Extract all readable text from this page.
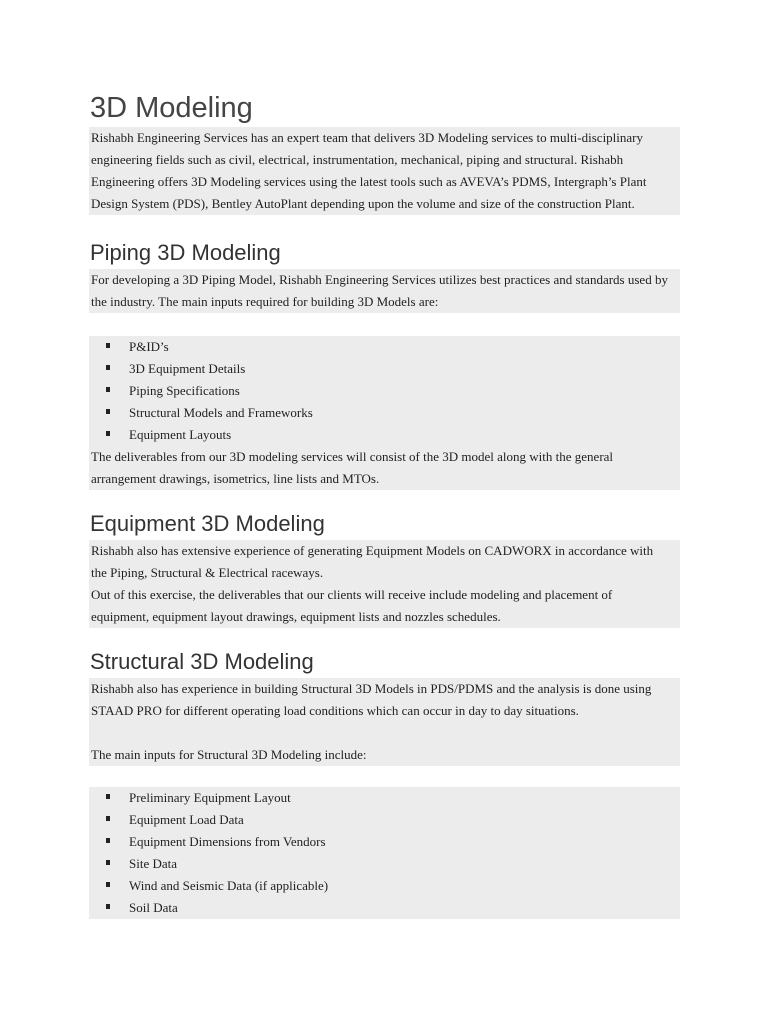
3D Modeling

Rishabh Engineering Services has an expert team that delivers 3D Modeling services to multi-disciplinary

engineering fields such as civil, electrical, instrumentation, mechanical, piping and structural. Rishabh

Engineering offers 3D Modeling services using the latest tools such as AVEVA’s PDMS, Intergraph’s Plant

Design System (PDS), Bentley AutoPlant depending upon the volume and size of the construction Plant.

Piping 3D Modeling

For developing a 3D Piping Model, Rishabh Engineering Services utilizes best practices and standards used by

the industry. The main inputs required for building 3D Models are:

P&ID’s
3D Equipment Details
Piping Specifications
Structural Models and Frameworks
Equipment Layouts

The deliverables from our 3D modeling services will consist of the 3D model along with the general

arrangement drawings, isometrics, line lists and MTOs.

Equipment 3D Modeling

Rishabh also has extensive experience of generating Equipment Models on CADWORX in accordance with

the Piping, Structural & Electrical raceways.

Out of this exercise, the deliverables that our clients will receive include modeling and placement of

equipment, equipment layout drawings, equipment lists and nozzles schedules.

Structural 3D Modeling

Rishabh also has experience in building Structural 3D Models in PDS/PDMS and the analysis is done using

STAAD PRO for different operating load conditions which can occur in day to day situations.

The main inputs for Structural 3D Modeling include:

Preliminary Equipment Layout
Equipment Load Data
Equipment Dimensions from Vendors
Site Data
Wind and Seismic Data (if applicable)
Soil Data
